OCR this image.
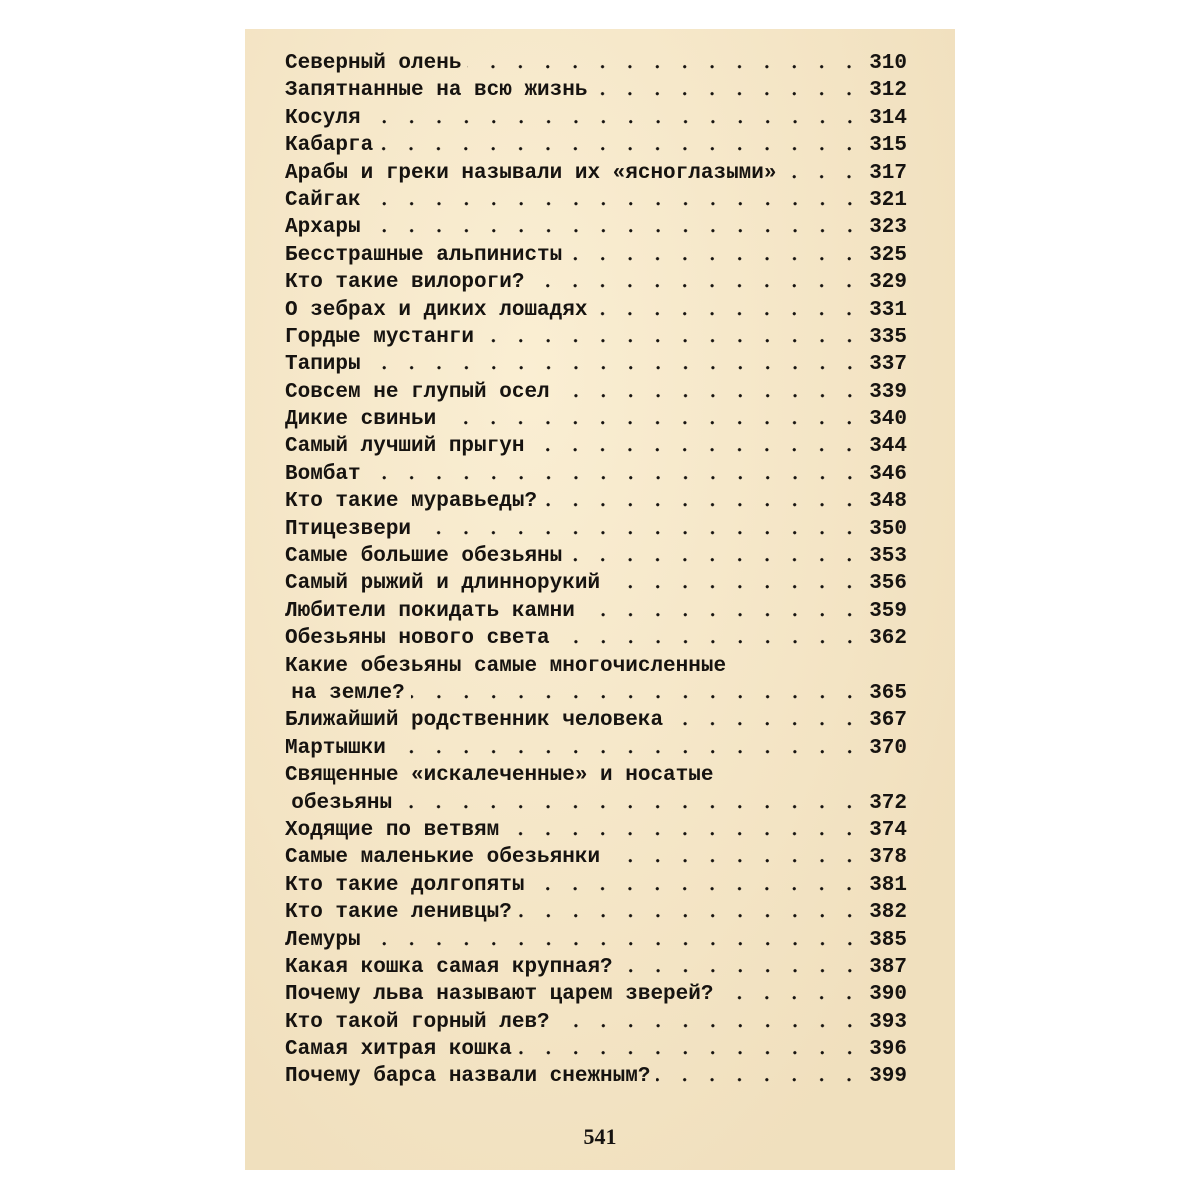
Северный олень	310
Запятнанные на всю жизнь	312
Косуля	314
Кабарга	315
Арабы и греки называли их «ясноглазыми»	317
Сайгак	321
Архары	323
Бесстрашные альпинисты	325
Кто такие вилороги?	329
О зебрах и диких лошадях	331
Гордые мустанги	335
Тапиры	337
Совсем не глупый осел	339
Дикие свиньи	340
Самый лучший прыгун	344
Вомбат	346
Кто такие муравьеды?	348
Птицезвери	350
Самые большие обезьяны	353
Самый рыжий и длиннорукий	356
Любители покидать камни	359
Обезьяны нового света	362
Какие обезьяны самые многочисленные
на земле?	365
Ближайший родственник человека	367
Мартышки	370
Священные «искалеченные» и носатые
обезьяны	372
Ходящие по ветвям	374
Самые маленькие обезьянки	378
Кто такие долгопяты	381
Кто такие ленивцы?	382
Лемуры	385
Какая кошка самая крупная?	387
Почему льва называют царем зверей?	390
Кто такой горный лев?	393
Самая хитрая кошка	396
Почему барса назвали снежным?	399
541
